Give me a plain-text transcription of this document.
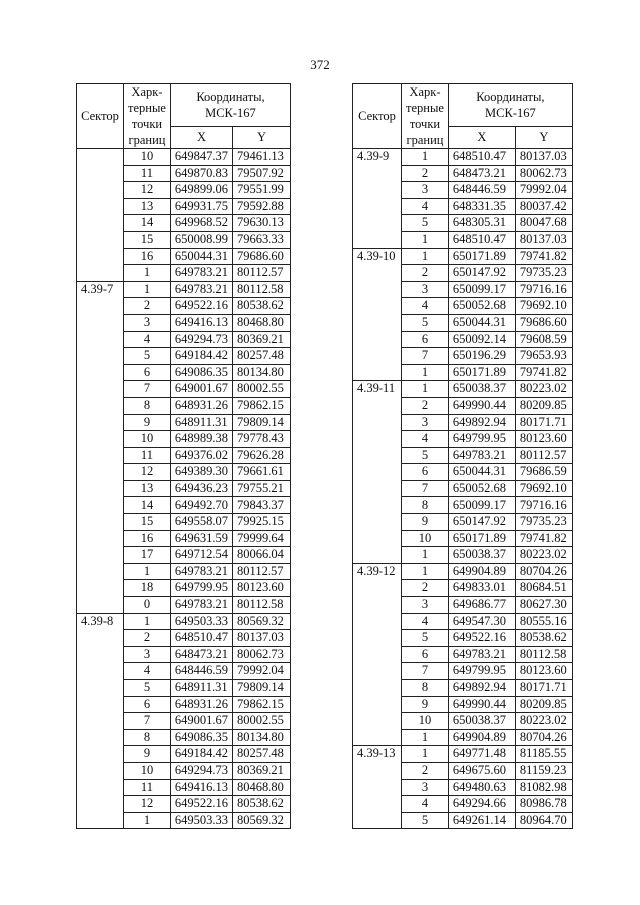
372
Сектор	Харк-
терные
точки
границ	Координаты,
МСК-167	
		X	Y
	10	649847.37	79461.13
	11	649870.83	79507.92
	12	649899.06	79551.99
	13	649931.75	79592.88
	14	649968.52	79630.13
	15	650008.99	79663.33
	16	650044.31	79686.60
	1	649783.21	80112.57
4.39-7	1	649783.21	80112.58
	2	649522.16	80538.62
	3	649416.13	80468.80
	4	649294.73	80369.21
	5	649184.42	80257.48
	6	649086.35	80134.80
	7	649001.67	80002.55
	8	648931.26	79862.15
	9	648911.31	79809.14
	10	648989.38	79778.43
	11	649376.02	79626.28
	12	649389.30	79661.61
	13	649436.23	79755.21
	14	649492.70	79843.37
	15	649558.07	79925.15
	16	649631.59	79999.64
	17	649712.54	80066.04
	1	649783.21	80112.57
	18	649799.95	80123.60
	0	649783.21	80112.58
4.39-8	1	649503.33	80569.32
	2	648510.47	80137.03
	3	648473.21	80062.73
	4	648446.59	79992.04
	5	648911.31	79809.14
	6	648931.26	79862.15
	7	649001.67	80002.55
	8	649086.35	80134.80
	9	649184.42	80257.48
	10	649294.73	80369.21
	11	649416.13	80468.80
	12	649522.16	80538.62
	1	649503.33	80569.32
Сектор	Харк-
терные
точки
границ	Координаты,
МСК-167	
		X	Y
4.39-9	1	648510.47	80137.03
	2	648473.21	80062.73
	3	648446.59	79992.04
	4	648331.35	80037.42
	5	648305.31	80047.68
	1	648510.47	80137.03
4.39-10	1	650171.89	79741.82
	2	650147.92	79735.23
	3	650099.17	79716.16
	4	650052.68	79692.10
	5	650044.31	79686.60
	6	650092.14	79608.59
	7	650196.29	79653.93
	1	650171.89	79741.82
4.39-11	1	650038.37	80223.02
	2	649990.44	80209.85
	3	649892.94	80171.71
	4	649799.95	80123.60
	5	649783.21	80112.57
	6	650044.31	79686.59
	7	650052.68	79692.10
	8	650099.17	79716.16
	9	650147.92	79735.23
	10	650171.89	79741.82
	1	650038.37	80223.02
4.39-12	1	649904.89	80704.26
	2	649833.01	80684.51
	3	649686.77	80627.30
	4	649547.30	80555.16
	5	649522.16	80538.62
	6	649783.21	80112.58
	7	649799.95	80123.60
	8	649892.94	80171.71
	9	649990.44	80209.85
	10	650038.37	80223.02
	1	649904.89	80704.26
4.39-13	1	649771.48	81185.55
	2	649675.60	81159.23
	3	649480.63	81082.98
	4	649294.66	80986.78
	5	649261.14	80964.70
